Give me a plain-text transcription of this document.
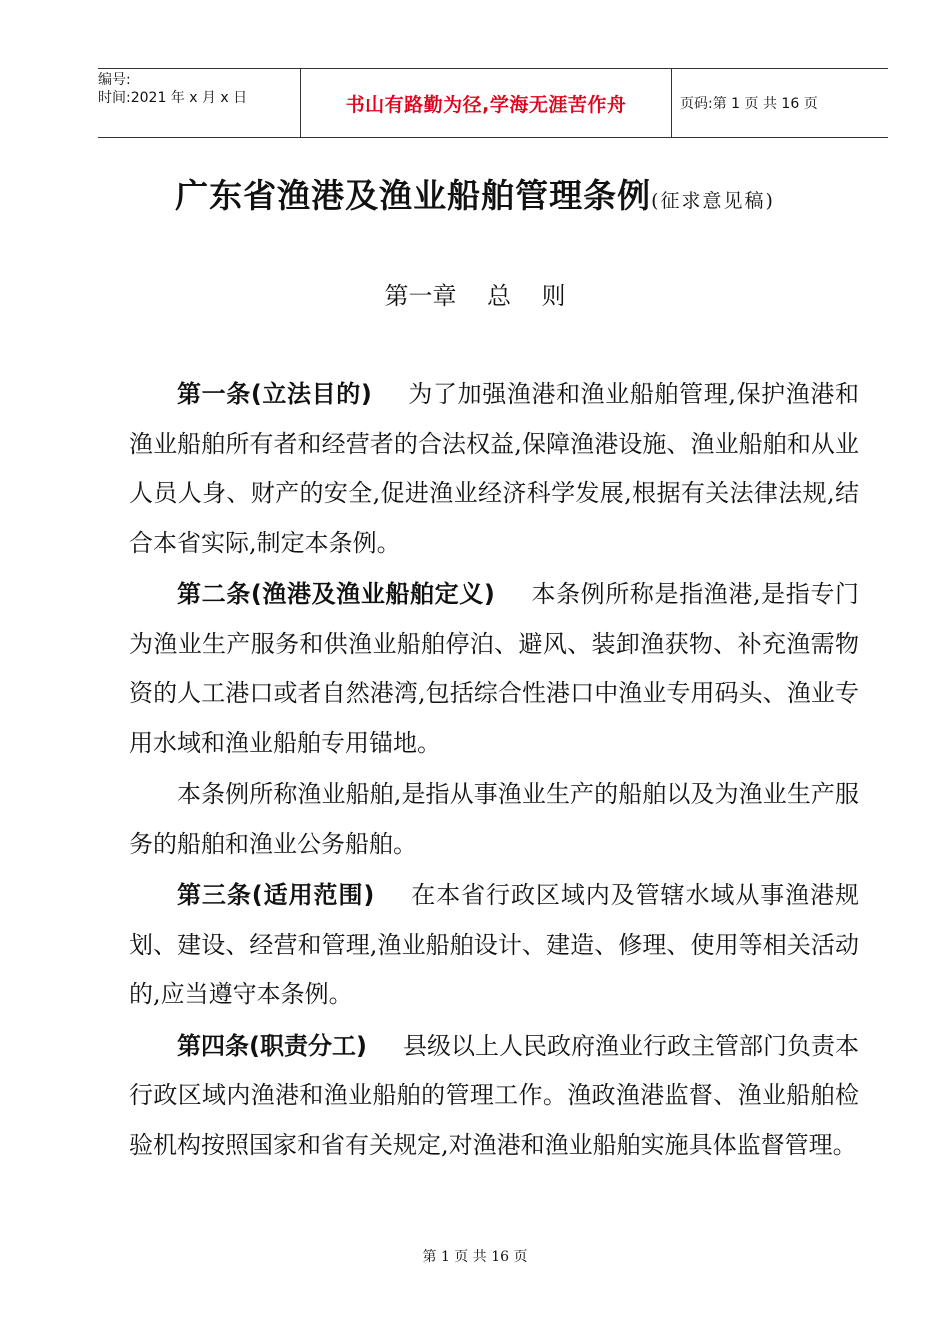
编号:
时间:2021 年 x 月 x 日	书山有路勤为径,学海无涯苦作舟	页码:第 1 页 共 16 页
广东省渔港及渔业船舶管理条例(征求意见稿)
第一章 总    则

第一条(立法目的) 为了加强渔港和渔业船舶管理,保护渔港和渔业船舶所有者和经营者的合法权益,保障渔港设施、渔业船舶和从业人员人身、财产的安全,促进渔业经济科学发展,根据有关法律法规,结合本省实际,制定本条例。

第二条(渔港及渔业船舶定义) 本条例所称是指渔港,是指专门为渔业生产服务和供渔业船舶停泊、避风、装卸渔获物、补充渔需物资的人工港口或者自然港湾,包括综合性港口中渔业专用码头、渔业专用水域和渔业船舶专用锚地。

本条例所称渔业船舶,是指从事渔业生产的船舶以及为渔业生产服务的船舶和渔业公务船舶。

第三条(适用范围) 在本省行政区域内及管辖水域从事渔港规划、建设、经营和管理,渔业船舶设计、建造、修理、使用等相关活动的,应当遵守本条例。

第四条(职责分工) 县级以上人民政府渔业行政主管部门负责本行政区域内渔港和渔业船舶的管理工作。渔政渔港监督、渔业船舶检验机构按照国家和省有关规定,对渔港和渔业船舶实施具体监督管理。

第 1 页 共 16 页
